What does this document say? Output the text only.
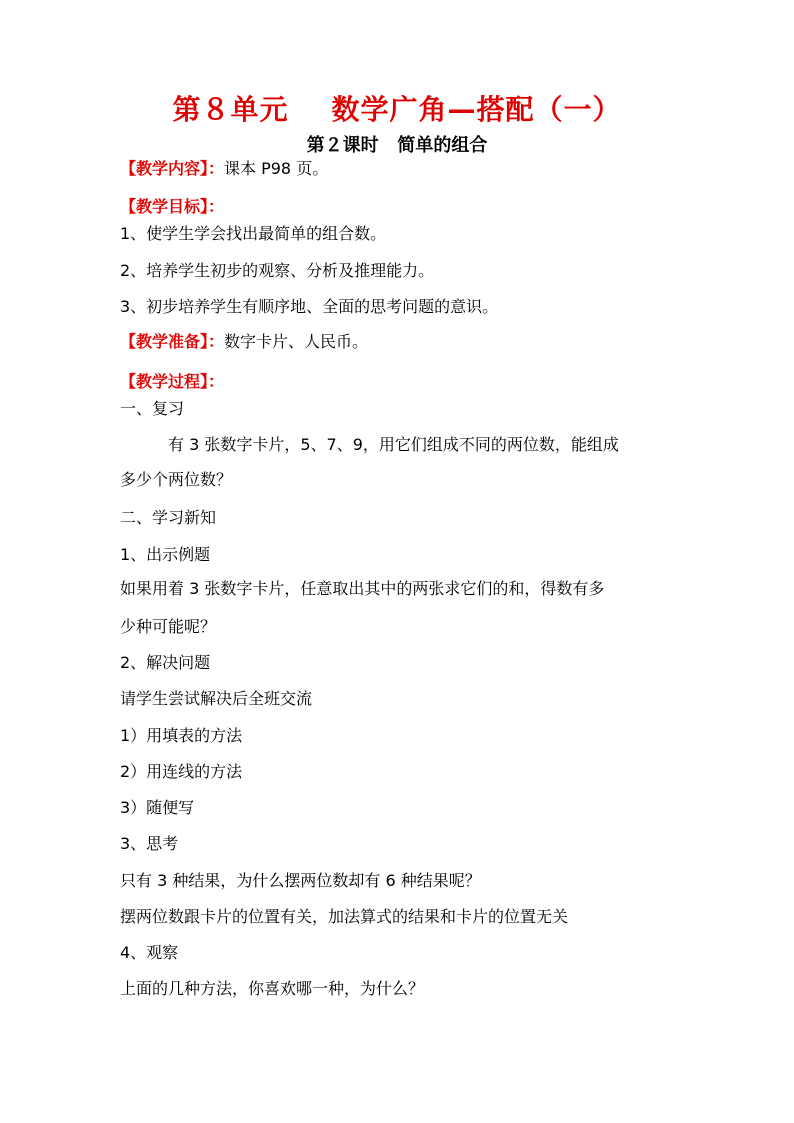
第８单元    数学广角—搭配（一）
第２课时   简单的组合
【教学内容】：课本 P98 页。
【教学目标】：
1、使学生学会找出最简单的组合数。
2、培养学生初步的观察、分析及推理能力。
3、初步培养学生有顺序地、全面的思考问题的意识。
【教学准备】：数字卡片、人民币。
【教学过程】：
一、复习
有 3 张数字卡片，5、7、9，用它们组成不同的两位数，能组成
多少个两位数？
二、学习新知
1、出示例题
如果用着 3 张数字卡片，任意取出其中的两张求它们的和，得数有多
少种可能呢？
2、解决问题
请学生尝试解决后全班交流
1）用填表的方法
2）用连线的方法
3）随便写
3、思考
只有 3 种结果，为什么摆两位数却有 6 种结果呢？
摆两位数跟卡片的位置有关，加法算式的结果和卡片的位置无关
4、观察
上面的几种方法，你喜欢哪一种，为什么？
